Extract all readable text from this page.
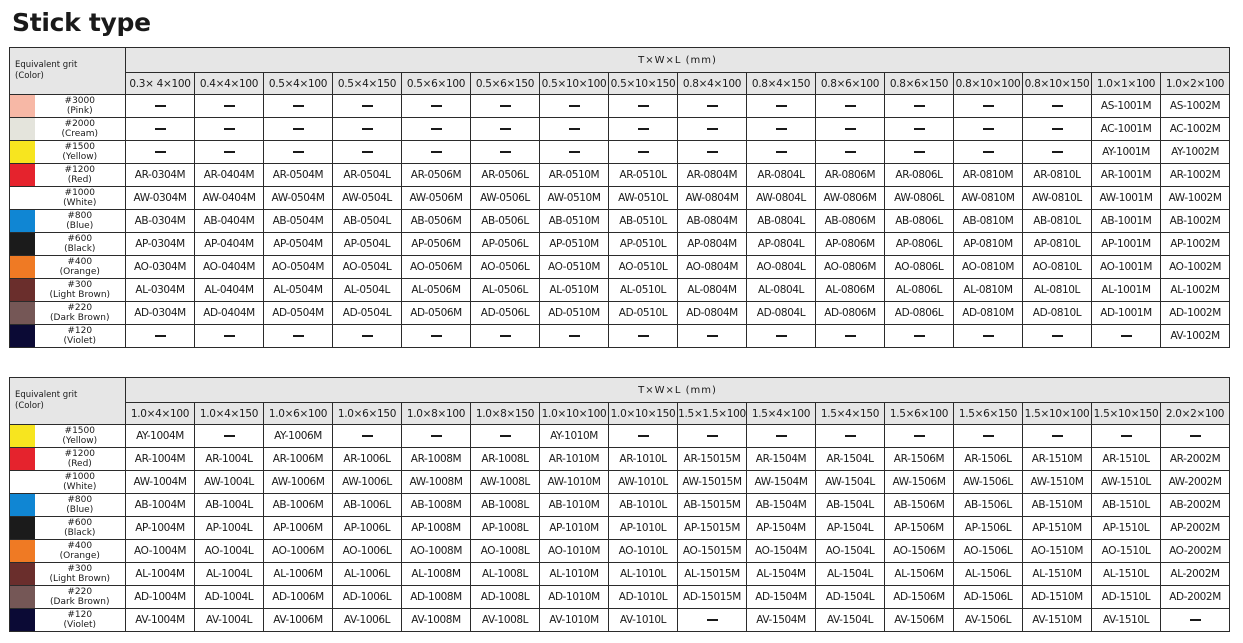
Stick type
Equivalent grit
(Color)		T×W×L (mm)															
		0.3× 4×100	0.4×4×100	0.5×4×100	0.5×4×150	0.5×6×100	0.5×6×150	0.5×10×100	0.5×10×150	0.8×4×100	0.8×4×150	0.8×6×100	0.8×6×150	0.8×10×100	0.8×10×150	1.0×1×100	1.0×2×100

	#3000
(Pink)															AS-1001M	AS-1002M

	#2000
(Cream)															AC-1001M	AC-1002M

	#1500
(Yellow)															AY-1001M	AY-1002M

	#1200
(Red)	AR-0304M	AR-0404M	AR-0504M	AR-0504L	AR-0506M	AR-0506L	AR-0510M	AR-0510L	AR-0804M	AR-0804L	AR-0806M	AR-0806L	AR-0810M	AR-0810L	AR-1001M	AR-1002M

	#1000
(White)	AW-0304M	AW-0404M	AW-0504M	AW-0504L	AW-0506M	AW-0506L	AW-0510M	AW-0510L	AW-0804M	AW-0804L	AW-0806M	AW-0806L	AW-0810M	AW-0810L	AW-1001M	AW-1002M

	#800
(Blue)	AB-0304M	AB-0404M	AB-0504M	AB-0504L	AB-0506M	AB-0506L	AB-0510M	AB-0510L	AB-0804M	AB-0804L	AB-0806M	AB-0806L	AB-0810M	AB-0810L	AB-1001M	AB-1002M

	#600
(Black)	AP-0304M	AP-0404M	AP-0504M	AP-0504L	AP-0506M	AP-0506L	AP-0510M	AP-0510L	AP-0804M	AP-0804L	AP-0806M	AP-0806L	AP-0810M	AP-0810L	AP-1001M	AP-1002M

	#400
(Orange)	AO-0304M	AO-0404M	AO-0504M	AO-0504L	AO-0506M	AO-0506L	AO-0510M	AO-0510L	AO-0804M	AO-0804L	AO-0806M	AO-0806L	AO-0810M	AO-0810L	AO-1001M	AO-1002M

	#300
(Light Brown)	AL-0304M	AL-0404M	AL-0504M	AL-0504L	AL-0506M	AL-0506L	AL-0510M	AL-0510L	AL-0804M	AL-0804L	AL-0806M	AL-0806L	AL-0810M	AL-0810L	AL-1001M	AL-1002M

	#220
(Dark Brown)	AD-0304M	AD-0404M	AD-0504M	AD-0504L	AD-0506M	AD-0506L	AD-0510M	AD-0510L	AD-0804M	AD-0804L	AD-0806M	AD-0806L	AD-0810M	AD-0810L	AD-1001M	AD-1002M

	#120
(Violet)																AV-1002M
Equivalent grit
(Color)		T×W×L (mm)															
		1.0×4×100	1.0×4×150	1.0×6×100	1.0×6×150	1.0×8×100	1.0×8×150	1.0×10×100	1.0×10×150	1.5×1.5×100	1.5×4×100	1.5×4×150	1.5×6×100	1.5×6×150	1.5×10×100	1.5×10×150	2.0×2×100

	#1500
(Yellow)	AY-1004M		AY-1006M				AY-1010M									

	#1200
(Red)	AR-1004M	AR-1004L	AR-1006M	AR-1006L	AR-1008M	AR-1008L	AR-1010M	AR-1010L	AR-15015M	AR-1504M	AR-1504L	AR-1506M	AR-1506L	AR-1510M	AR-1510L	AR-2002M

	#1000
(White)	AW-1004M	AW-1004L	AW-1006M	AW-1006L	AW-1008M	AW-1008L	AW-1010M	AW-1010L	AW-15015M	AW-1504M	AW-1504L	AW-1506M	AW-1506L	AW-1510M	AW-1510L	AW-2002M

	#800
(Blue)	AB-1004M	AB-1004L	AB-1006M	AB-1006L	AB-1008M	AB-1008L	AB-1010M	AB-1010L	AB-15015M	AB-1504M	AB-1504L	AB-1506M	AB-1506L	AB-1510M	AB-1510L	AB-2002M

	#600
(Black)	AP-1004M	AP-1004L	AP-1006M	AP-1006L	AP-1008M	AP-1008L	AP-1010M	AP-1010L	AP-15015M	AP-1504M	AP-1504L	AP-1506M	AP-1506L	AP-1510M	AP-1510L	AP-2002M

	#400
(Orange)	AO-1004M	AO-1004L	AO-1006M	AO-1006L	AO-1008M	AO-1008L	AO-1010M	AO-1010L	AO-15015M	AO-1504M	AO-1504L	AO-1506M	AO-1506L	AO-1510M	AO-1510L	AO-2002M

	#300
(Light Brown)	AL-1004M	AL-1004L	AL-1006M	AL-1006L	AL-1008M	AL-1008L	AL-1010M	AL-1010L	AL-15015M	AL-1504M	AL-1504L	AL-1506M	AL-1506L	AL-1510M	AL-1510L	AL-2002M

	#220
(Dark Brown)	AD-1004M	AD-1004L	AD-1006M	AD-1006L	AD-1008M	AD-1008L	AD-1010M	AD-1010L	AD-15015M	AD-1504M	AD-1504L	AD-1506M	AD-1506L	AD-1510M	AD-1510L	AD-2002M

	#120
(Violet)	AV-1004M	AV-1004L	AV-1006M	AV-1006L	AV-1008M	AV-1008L	AV-1010M	AV-1010L		AV-1504M	AV-1504L	AV-1506M	AV-1506L	AV-1510M	AV-1510L	
